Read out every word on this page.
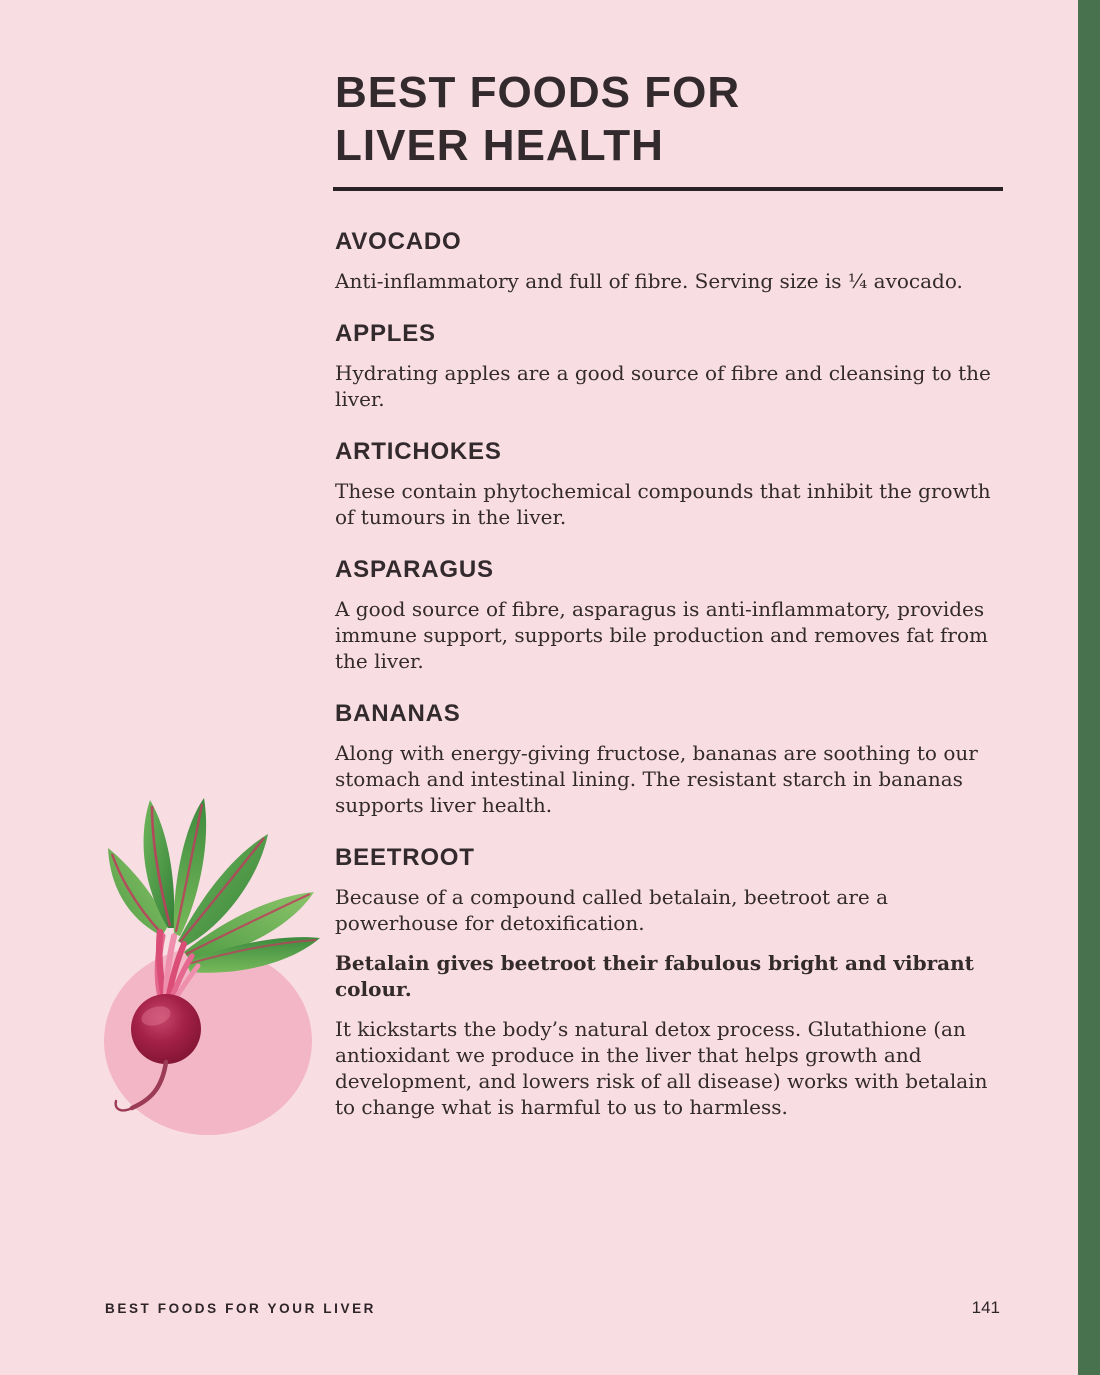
BEST FOODS FOR
LIVER HEALTH
AVOCADO

Anti-inflammatory and full of fibre. Serving size is ¼ avocado.

APPLES

Hydrating apples are a good source of fibre and cleansing to the liver.

ARTICHOKES

These contain phytochemical compounds that inhibit the growth of tumours in the liver.

ASPARAGUS

A good source of fibre, asparagus is anti-inflammatory, provides immune support, supports bile production and removes fat from the liver.

BANANAS

Along with energy-giving fructose, bananas are soothing to our stomach and intestinal lining. The resistant starch in bananas supports liver health.

BEETROOT

Because of a compound called betalain, beetroot are a powerhouse for detoxification.

Betalain gives beetroot their fabulous bright and vibrant colour.

It kickstarts the body’s natural detox process. Glutathione (an antioxidant we produce in the liver that helps growth and development, and lowers risk of all disease) works with betalain to change what is harmful to us to harmless.

BEST FOODS FOR YOUR LIVER	141
